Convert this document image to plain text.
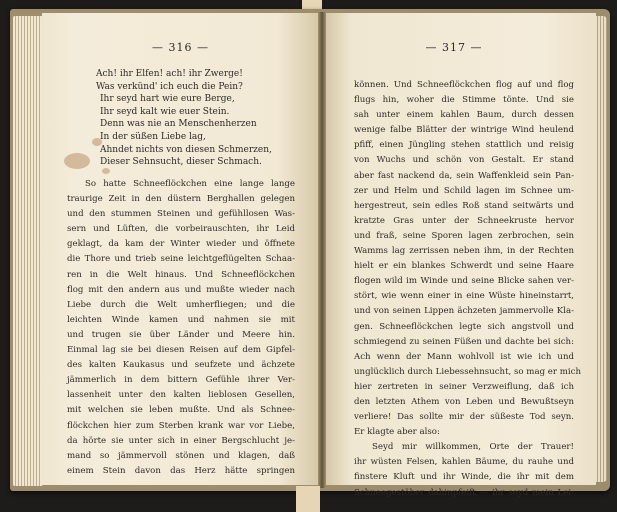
— 316 —
Ach! ihr Elfen! ach! ihr Zwerge!
Was verkünd' ich euch die Pein?
Ihr seyd hart wie eure Berge,
Ihr seyd kalt wie euer Stein.
Denn was nie an Menschenherzen
In der süßen Liebe lag,
Ahndet nichts von diesen Schmerzen,
Dieser Sehnsucht, dieser Schmach.
So hatte Schneeflöckchen eine lange lange
traurige Zeit in den düstern Berghallen gelegen
und den stummen Steinen und gefühllosen Was-
sern und Lüften, die vorbeirauschten, ihr Leid
geklagt, da kam der Winter wieder und öffnete
die Thore und trieb seine leichtgeflügelten Schaa-
ren in die Welt hinaus. Und Schneeflöckchen
flog mit den andern aus und mußte wieder nach
Liebe durch die Welt umherfliegen; und die
leichten Winde kamen und nahmen sie mit
und trugen sie über Länder und Meere hin.
Einmal lag sie bei diesen Reisen auf dem Gipfel-
des kalten Kaukasus und seufzete und ächzete
jämmerlich in dem bittern Gefühle ihrer Ver-
lassenheit unter den kalten lieblosen Gesellen,
mit welchen sie leben mußte. Und als Schnee-
flöckchen hier zum Sterben krank war vor Liebe,
da hörte sie unter sich in einer Bergschlucht je-
mand so jämmervoll stönen und klagen, daß
einem Stein davon das Herz hätte springen
— 317 —
können. Und Schneeflöckchen flog auf und flog
flugs hin, woher die Stimme tönte. Und sie
sah unter einem kahlen Baum, durch dessen
wenige falbe Blätter der wintrige Wind heulend
pfiff, einen Jüngling stehen stattlich und reisig
von Wuchs und schön von Gestalt. Er stand
aber fast nackend da, sein Waffenkleid sein Pan-
zer und Helm und Schild lagen im Schnee um-
hergestreut, sein edles Roß stand seitwärts und
kratzte Gras unter der Schneekruste hervor
und fraß, seine Sporen lagen zerbrochen, sein
Wamms lag zerrissen neben ihm, in der Rechten
hielt er ein blankes Schwerdt und seine Haare
flogen wild im Winde und seine Blicke sahen ver-
stört, wie wenn einer in eine Wüste hineinstarrt,
und von seinen Lippen ächzeten jammervolle Kla-
gen. Schneeflöckchen legte sich angstvoll und
schmiegend zu seinen Füßen und dachte bei sich:
Ach wenn der Mann wohlvoll ist wie ich und
unglücklich durch Liebessehnsucht, so mag er mich
hier zertreten in seiner Verzweiflung, daß ich
den letzten Athem von Leben und Bewußtseyn
verliere! Das sollte mir der süßeste Tod seyn.
Er klagte aber also:
Seyd mir willkommen, Orte der Trauer!
ihr wüsten Felsen, kahlen Bäume, du rauhe und
finstere Kluft und ihr Winde, die ihr mit dem
Schneegestöber dahinpfeift — ihr seyd mein Lei-
